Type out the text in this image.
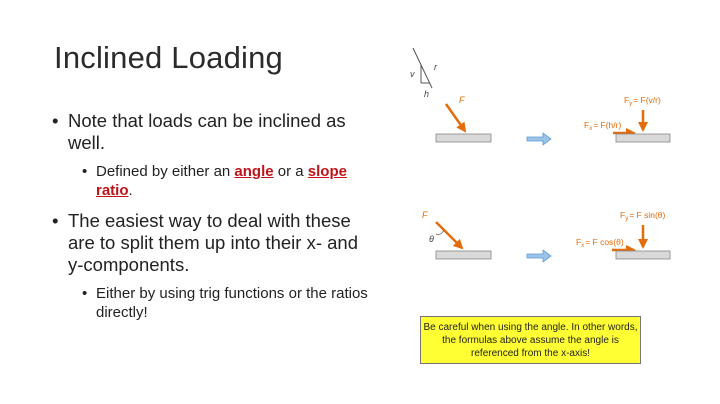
Inclined Loading
• Note that loads can be inclined as well.
• Defined by either an angle or a slope ratio.
• The easiest way to deal with these are to split them up into their x- and y-components.
• Either by using trig functions or the ratios directly!
v
r
h
F	$F_y= F(v/r)$
$F_x= F(h/r)$
F
θ
$F_y= F$ sin(θ)
$F_x= F$ cos(θ)
Be careful when using the angle. In other words, the formulas above assume the angle is referenced from the x-axis!
